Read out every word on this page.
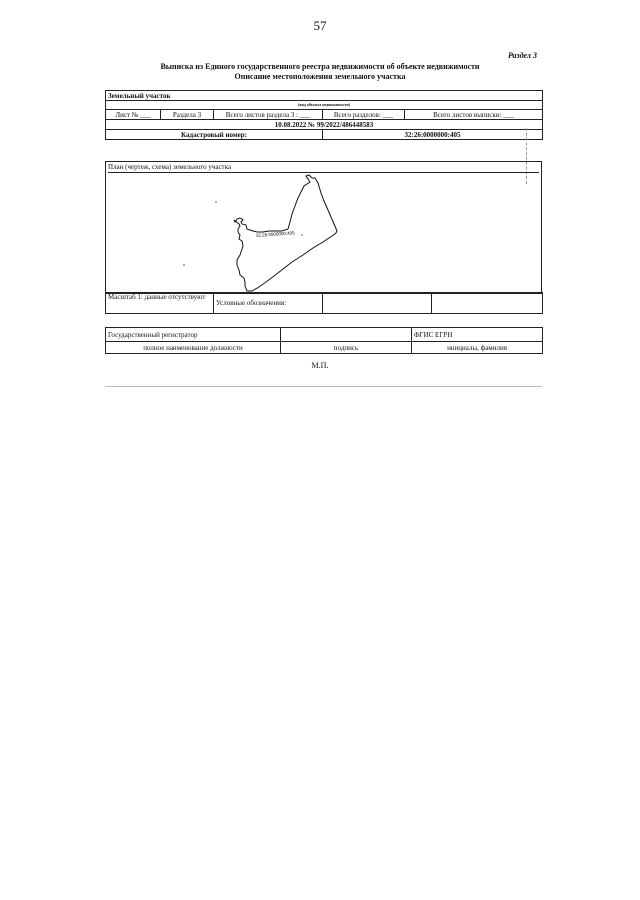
57
Раздел 3
Выписка из Единого государственного реестра недвижимости об объекте недвижимости
Описание местоположения земельного участка
Земельный участок				
(вид объекта недвижимости)				
Лист № ___	Раздела 3	Всего листов раздела 3 : ___	Всего разделов: ___	Всего листов выписки: ___
10.08.2022 № 99/2022/486448583				
Кадастровый номер:			32:26:0000000:405	
План (чертеж, схема) земельного участка
32:26:0000000:405
Масштаб 1: данные отсутствуют	Условные обозначения:		
Государственный регистратор		ФГИС ЕГРН
полное наименование должности	подпись	инициалы, фамилия
М.П.
